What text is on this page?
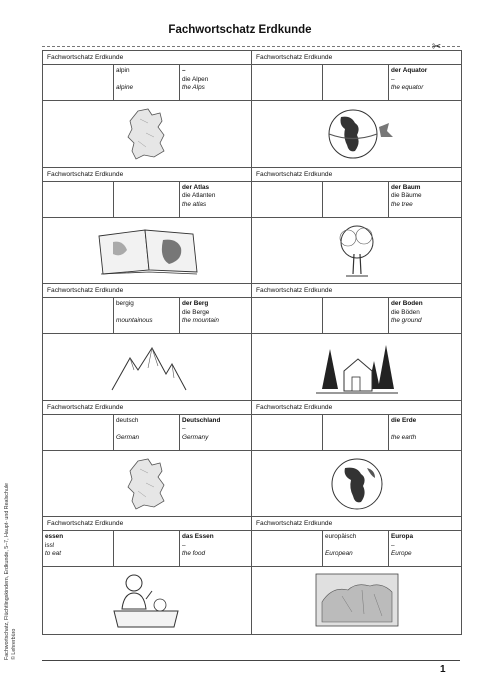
Fachwortschatz Erdkunde
✂
Fachwortschatz Erdkunde
alpin
alpine
–
die Alpen
the Alps
Fachwortschatz Erdkunde
der Äquator
–
the equator
Fachwortschatz Erdkunde
der Atlas
die Atlanten
the atlas
Fachwortschatz Erdkunde
der Baum
die Bäume
the tree
Fachwortschatz Erdkunde
bergig
mountainous
der Berg
die Berge
the mountain
Fachwortschatz Erdkunde
der Boden
die Böden
the ground
Fachwortschatz Erdkunde
deutsch
German
Deutschland
–
Germany
Fachwortschatz Erdkunde
die Erde
the earth
Fachwortschatz Erdkunde
essen
iss!
to eat
das Essen
–
the food
Fachwortschatz Erdkunde
europäisch
European
Europa
–
Europe
Fachwortschatz, Flüchtlingskindern, Erdkunde, 5–7, Haupt- und Realschule © Lehrerbüro
1
